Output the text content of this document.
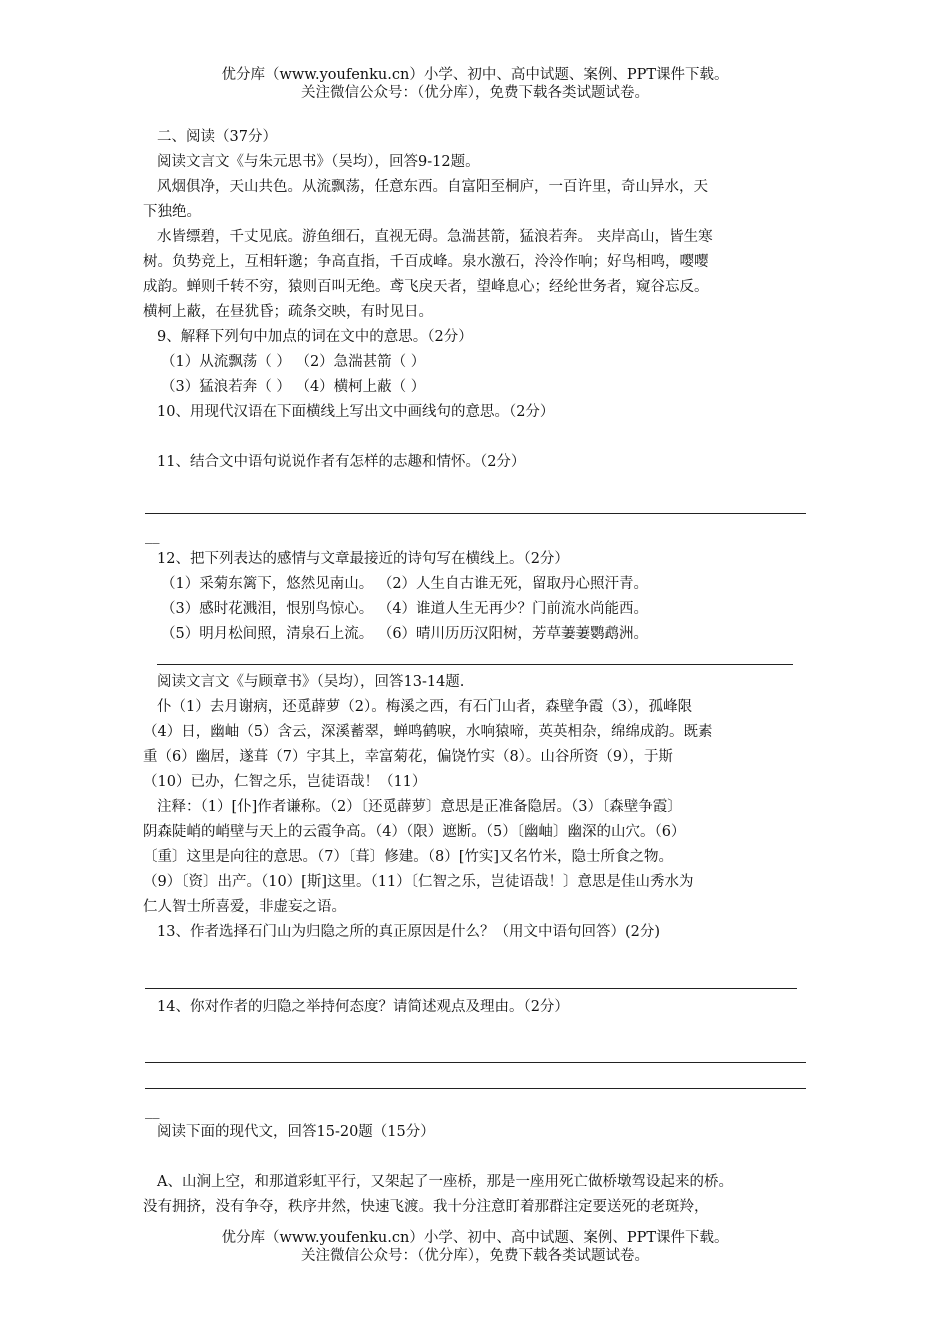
优分库（www.youfenku.cn）小学、初中、高中试题、案例、PPT课件下载。
关注微信公众号：（优分库），免费下载各类试题试卷。
二、阅读（37分）
阅读文言文《与朱元思书》（吴均），回答9-12题。
风烟俱净，天山共色。从流飘荡，任意东西。自富阳至桐庐，一百许里，奇山异水，天
下独绝。
水皆缥碧，千丈见底。游鱼细石，直视无碍。急湍甚箭，猛浪若奔。 夹岸高山，皆生寒
树。负势竞上，互相轩邈；争高直指，千百成峰。泉水激石，泠泠作响；好鸟相鸣，嘤嘤
成韵。蝉则千转不穷，猿则百叫无绝。鸢飞戾天者，望峰息心；经纶世务者，窥谷忘反。
横柯上蔽，在昼犹昏；疏条交映，有时见日。
9、解释下列句中加点的词在文中的意思。（2分）
（1）从流飘荡（ ） （2）急湍甚箭（ ）
（3）猛浪若奔（ ） （4）横柯上蔽（ ）
10、用现代汉语在下面横线上写出文中画线句的意思。（2分）
11、结合文中语句说说作者有怎样的志趣和情怀。（2分）
__
12、把下列表达的感情与文章最接近的诗句写在横线上。（2分）
（1）采菊东篱下，悠然见南山。 （2）人生自古谁无死，留取丹心照汗青。
（3）感时花溅泪，恨别鸟惊心。 （4）谁道人生无再少？门前流水尚能西。
（5）明月松间照，清泉石上流。 （6）晴川历历汉阳树，芳草萋萋鹦鹉洲。
阅读文言文《与顾章书》（吴均），回答13-14题.
仆（1）去月谢病，还觅薜萝（2）。梅溪之西，有石门山者，森壁争霞（3），孤峰限
（4）日，幽岫（5）含云，深溪蓄翠，蝉鸣鹤唳，水响猿啼，英英相杂，绵绵成韵。既素
重（6）幽居，遂葺（7）宇其上，幸富菊花，偏饶竹实（8）。山谷所资（9），于斯
（10）已办，仁智之乐，岂徒语哉！（11）
注释：（1）[仆]作者谦称。（2）〔还觅薜萝〕意思是正准备隐居。（3）〔森壁争霞〕
阴森陡峭的峭壁与天上的云霞争高。（4）（限）遮断。（5）〔幽岫〕幽深的山穴。（6）
〔重〕这里是向往的意思。（7）〔葺〕修建。（8）[竹实]又名竹米，隐士所食之物。
（9）〔资〕出产。（10）[斯]这里。（11）〔仁智之乐，岂徒语哉！〕意思是佳山秀水为
仁人智士所喜爱，非虚妄之语。
13、作者选择石门山为归隐之所的真正原因是什么？（用文中语句回答）(2分)
14、你对作者的归隐之举持何态度？请简述观点及理由。（2分）
__
阅读下面的现代文，回答15-20题（15分）
A、山涧上空，和那道彩虹平行，又架起了一座桥，那是一座用死亡做桥墩驾设起来的桥。
没有拥挤，没有争夺，秩序井然，快速飞渡。我十分注意盯着那群注定要送死的老斑羚，
优分库（www.youfenku.cn）小学、初中、高中试题、案例、PPT课件下载。
关注微信公众号：（优分库），免费下载各类试题试卷。
